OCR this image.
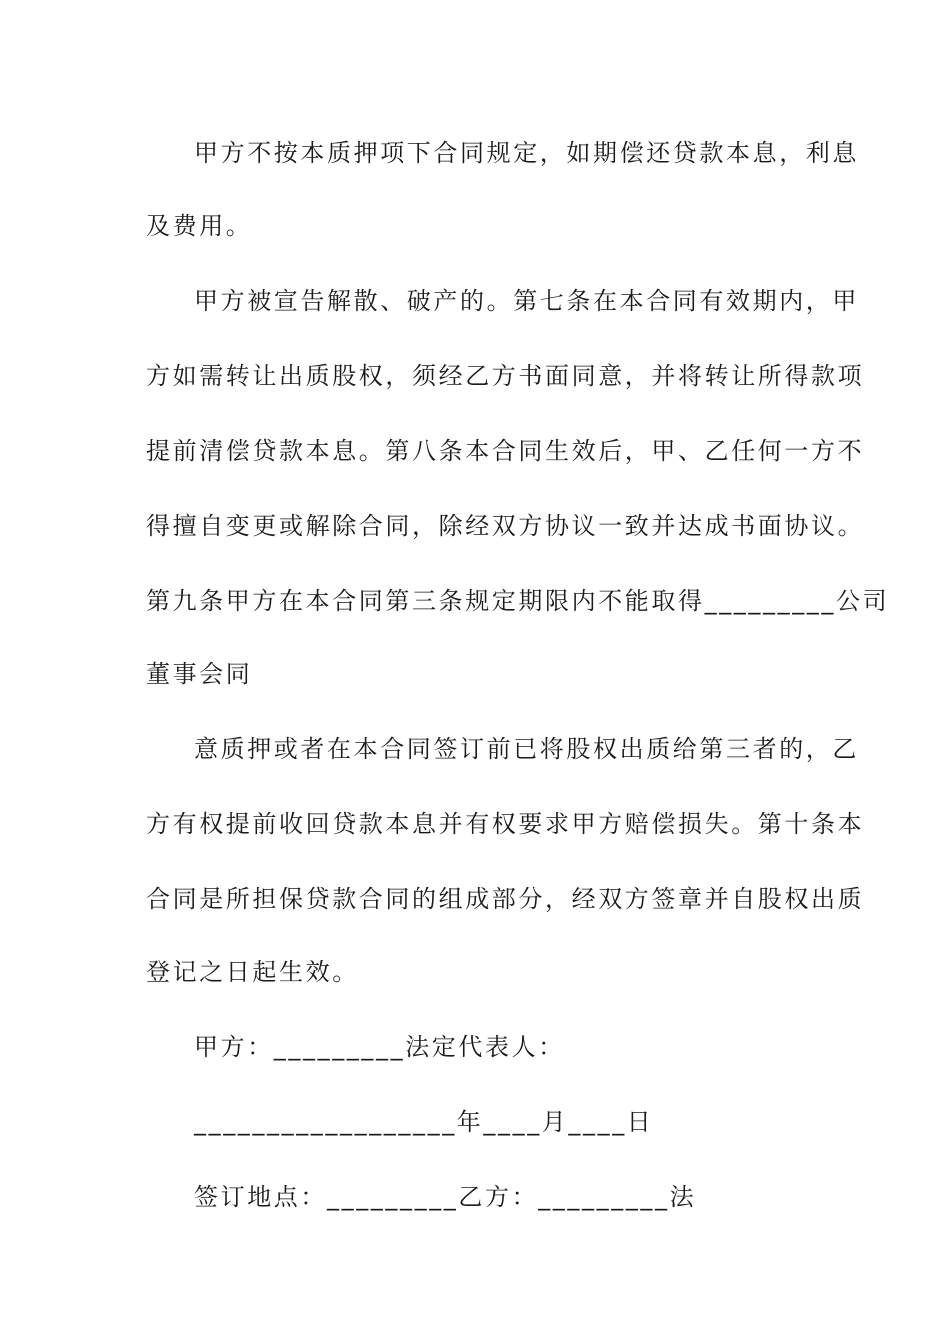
甲方不按本质押项下合同规定，如期偿还贷款本息，利息
及费用。
甲方被宣告解散、破产的。第七条在本合同有效期内，甲
方如需转让出质股权，须经乙方书面同意，并将转让所得款项
提前清偿贷款本息。第八条本合同生效后，甲、乙任何一方不
得擅自变更或解除合同，除经双方协议一致并达成书面协议。
第九条甲方在本合同第三条规定期限内不能取得_________公司
董事会同
意质押或者在本合同签订前已将股权出质给第三者的，乙
方有权提前收回贷款本息并有权要求甲方赔偿损失。第十条本
合同是所担保贷款合同的组成部分，经双方签章并自股权出质
登记之日起生效。
甲方：_________法定代表人：
__________________年____月____日
签订地点：_________乙方：_________法
